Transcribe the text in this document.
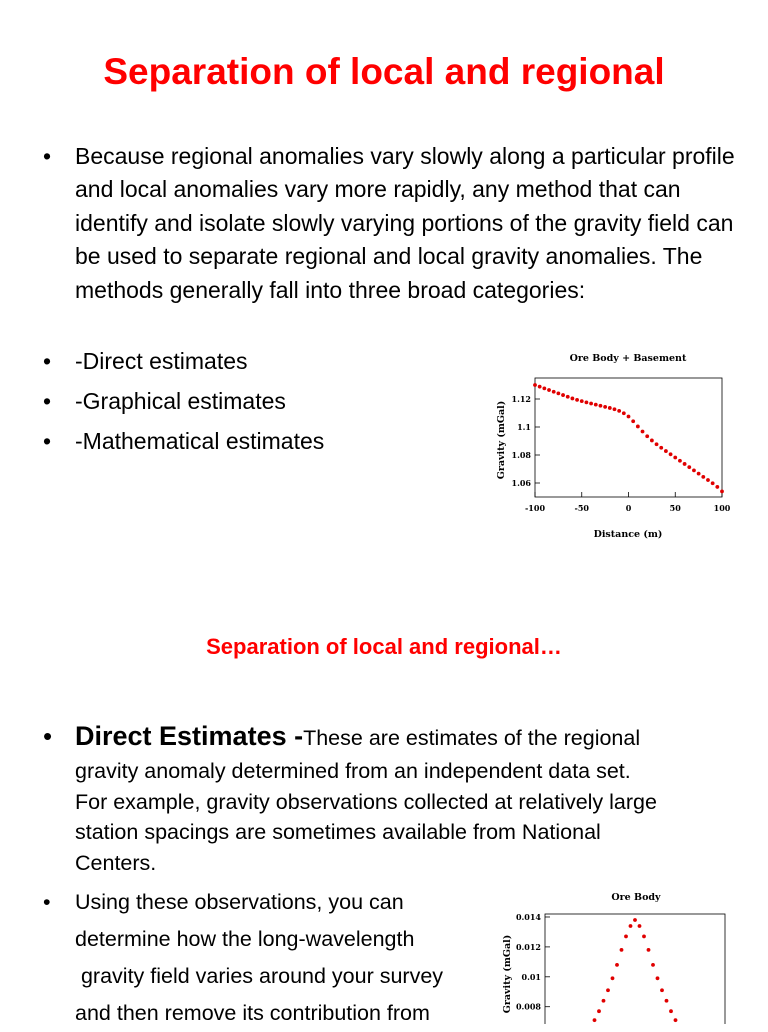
Separation of local and regional
• Because regional anomalies vary slowly along a particular profile and local anomalies vary more rapidly, any method that can identify and isolate slowly varying portions of the gravity field can be used to separate regional and local gravity anomalies. The methods generally fall into three broad categories:
• -Direct estimates
• -Graphical estimates
• -Mathematical estimates
Ore Body + Basement
Distance (m)
Gravity (mGal)
-100	-50	0	50	100
1.12
1.1
1.08
1.06
Separation of local and regional…
• Direct Estimates -These are estimates of the regional
gravity anomaly determined from an independent data set.
For example, gravity observations collected at relatively large
station spacings are sometimes available from National
Centers.
• Using these observations, you can
determine how the long-wavelength
gravity field varies around your survey
and then remove its contribution from
Ore Body
Gravity (mGal)
0.014
0.012
0.01
0.008
